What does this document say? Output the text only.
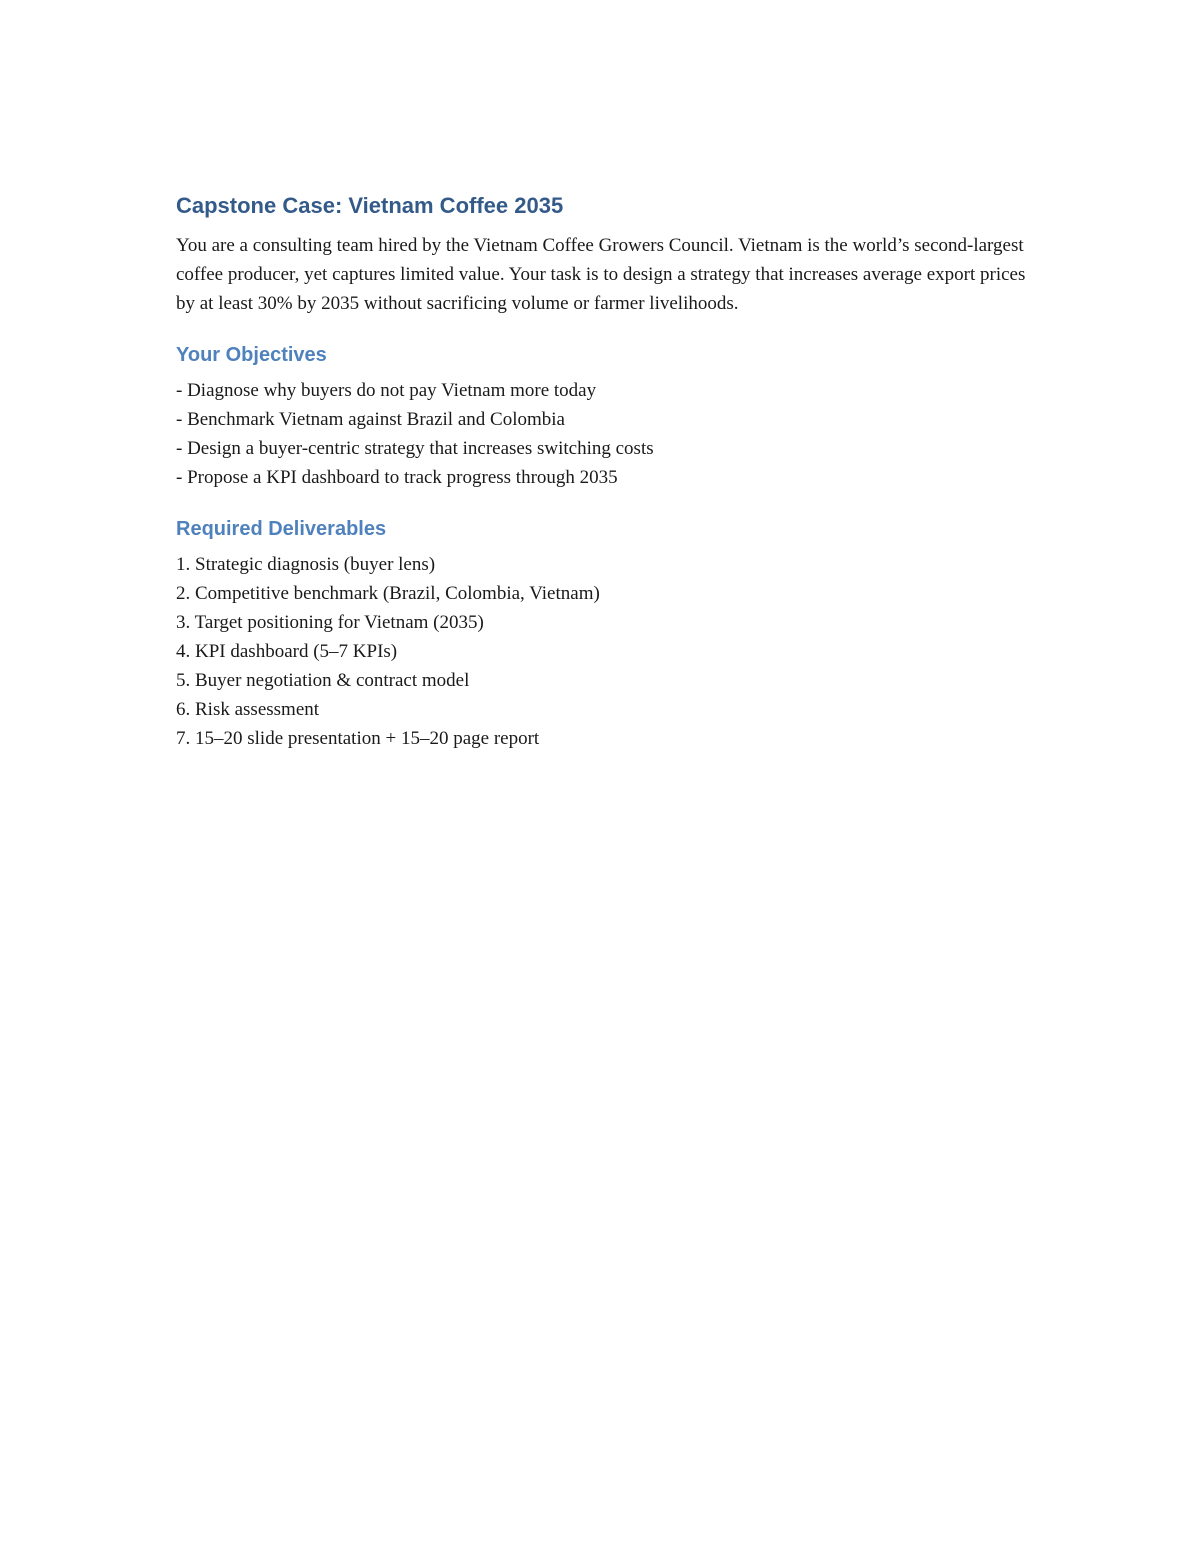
Capstone Case: Vietnam Coffee 2035

You are a consulting team hired by the Vietnam Coffee Growers Council. Vietnam is the world’s second-largest coffee producer, yet captures limited value. Your task is to design a strategy that increases average export prices by at least 30% by 2035 without sacrificing volume or farmer livelihoods.

Your Objectives
- Diagnose why buyers do not pay Vietnam more today
- Benchmark Vietnam against Brazil and Colombia
- Design a buyer-centric strategy that increases switching costs
- Propose a KPI dashboard to track progress through 2035
Required Deliverables
1. Strategic diagnosis (buyer lens)
2. Competitive benchmark (Brazil, Colombia, Vietnam)
3. Target positioning for Vietnam (2035)
4. KPI dashboard (5–7 KPIs)
5. Buyer negotiation & contract model
6. Risk assessment
7. 15–20 slide presentation + 15–20 page report
